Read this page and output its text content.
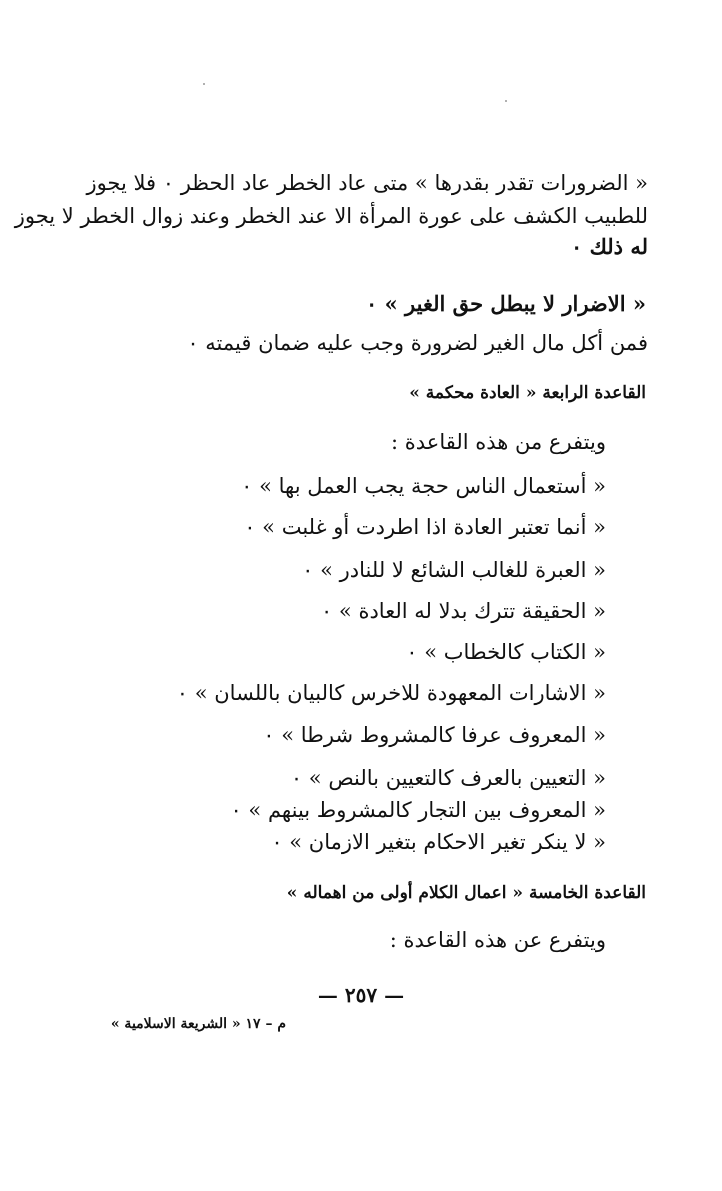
« الضرورات تقدر بقدرها » متى عاد الخطر عاد الحظر ٠ فلا يجوز
للطبيب الكشف على عورة المرأة الا عند الخطر وعند زوال الخطر لا يجوز
له ذلك ٠
« الاضرار لا يبطل حق الغير » ٠
فمن أكل مال الغير لضرورة وجب عليه ضمان قيمته ٠
القاعدة الرابعة « العادة محكمة »
ويتفرع من هذه القاعدة :
« أستعمال الناس حجة يجب العمل بها » ٠
« أنما تعتبر العادة اذا اطردت أو غلبت » ٠
« العبرة للغالب الشائع لا للنادر » ٠
« الحقيقة تترك بدلا له العادة » ٠
« الكتاب كالخطاب » ٠
« الاشارات المعهودة للاخرس كالبيان باللسان » ٠
« المعروف عرفا كالمشروط شرطا » ٠
« التعيين بالعرف كالتعيين بالنص » ٠
« المعروف بين التجار كالمشروط بينهم » ٠
« لا ينكر تغير الاحكام بتغير الازمان » ٠
القاعدة الخامسة « اعمال الكلام أولى من اهماله »
ويتفرع عن هذه القاعدة :
— ٢٥٧ —
م – ١٧ « الشريعة الاسلامية »
